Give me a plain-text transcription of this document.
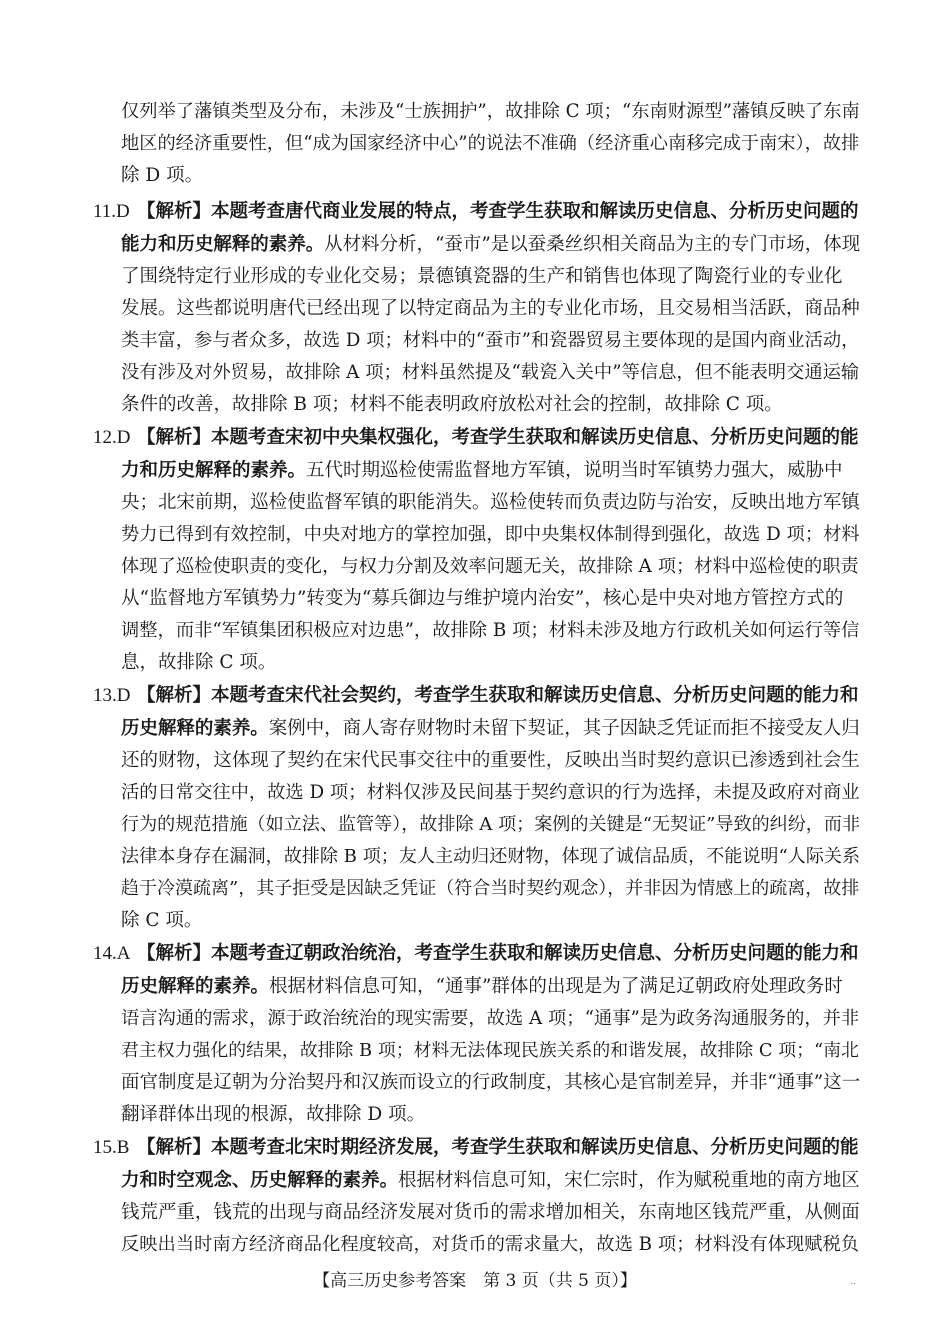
仅列举了藩镇类型及分布，未涉及“士族拥护”，故排除 C 项；“东南财源型”藩镇反映了东南
地区的经济重要性，但“成为国家经济中心”的说法不准确（经济重心南移完成于南宋），故排
除 D 项。
11.D 【解析】本题考查唐代商业发展的特点，考查学生获取和解读历史信息、分析历史问题的
能力和历史解释的素养。从材料分析，“蚕市”是以蚕桑丝织相关商品为主的专门市场，体现
了围绕特定行业形成的专业化交易；景德镇瓷器的生产和销售也体现了陶瓷行业的专业化
发展。这些都说明唐代已经出现了以特定商品为主的专业化市场，且交易相当活跃，商品种
类丰富，参与者众多，故选 D 项；材料中的“蚕市”和瓷器贸易主要体现的是国内商业活动，
没有涉及对外贸易，故排除 A 项；材料虽然提及“载瓷入关中”等信息，但不能表明交通运输
条件的改善，故排除 B 项；材料不能表明政府放松对社会的控制，故排除 C 项。
12.D 【解析】本题考查宋初中央集权强化，考查学生获取和解读历史信息、分析历史问题的能
力和历史解释的素养。五代时期巡检使需监督地方军镇，说明当时军镇势力强大，威胁中
央；北宋前期，巡检使监督军镇的职能消失。巡检使转而负责边防与治安，反映出地方军镇
势力已得到有效控制，中央对地方的掌控加强，即中央集权体制得到强化，故选 D 项；材料
体现了巡检使职责的变化，与权力分割及效率问题无关，故排除 A 项；材料中巡检使的职责
从“监督地方军镇势力”转变为“募兵御边与维护境内治安”，核心是中央对地方管控方式的
调整，而非“军镇集团积极应对边患”，故排除 B 项；材料未涉及地方行政机关如何运行等信
息，故排除 C 项。
13.D 【解析】本题考查宋代社会契约，考查学生获取和解读历史信息、分析历史问题的能力和
历史解释的素养。案例中，商人寄存财物时未留下契证，其子因缺乏凭证而拒不接受友人归
还的财物，这体现了契约在宋代民事交往中的重要性，反映出当时契约意识已渗透到社会生
活的日常交往中，故选 D 项；材料仅涉及民间基于契约意识的行为选择，未提及政府对商业
行为的规范措施（如立法、监管等），故排除 A 项；案例的关键是“无契证”导致的纠纷，而非
法律本身存在漏洞，故排除 B 项；友人主动归还财物，体现了诚信品质，不能说明“人际关系
趋于冷漠疏离”，其子拒受是因缺乏凭证（符合当时契约观念），并非因为情感上的疏离，故排
除 C 项。
14.A 【解析】本题考查辽朝政治统治，考查学生获取和解读历史信息、分析历史问题的能力和
历史解释的素养。根据材料信息可知，“通事”群体的出现是为了满足辽朝政府处理政务时
语言沟通的需求，源于政治统治的现实需要，故选 A 项；“通事”是为政务沟通服务的，并非
君主权力强化的结果，故排除 B 项；材料无法体现民族关系的和谐发展，故排除 C 项；“南北
面官制度是辽朝为分治契丹和汉族而设立的行政制度，其核心是官制差异，并非“通事”这一
翻译群体出现的根源，故排除 D 项。
15.B 【解析】本题考查北宋时期经济发展，考查学生获取和解读历史信息、分析历史问题的能
力和时空观念、历史解释的素养。根据材料信息可知，宋仁宗时，作为赋税重地的南方地区
钱荒严重，钱荒的出现与商品经济发展对货币的需求增加相关，东南地区钱荒严重，从侧面
反映出当时南方经济商品化程度较高，对货币的需求量大，故选 B 项；材料没有体现赋税负
【高三历史参考答案　第 3 页（共 5 页）】	..
